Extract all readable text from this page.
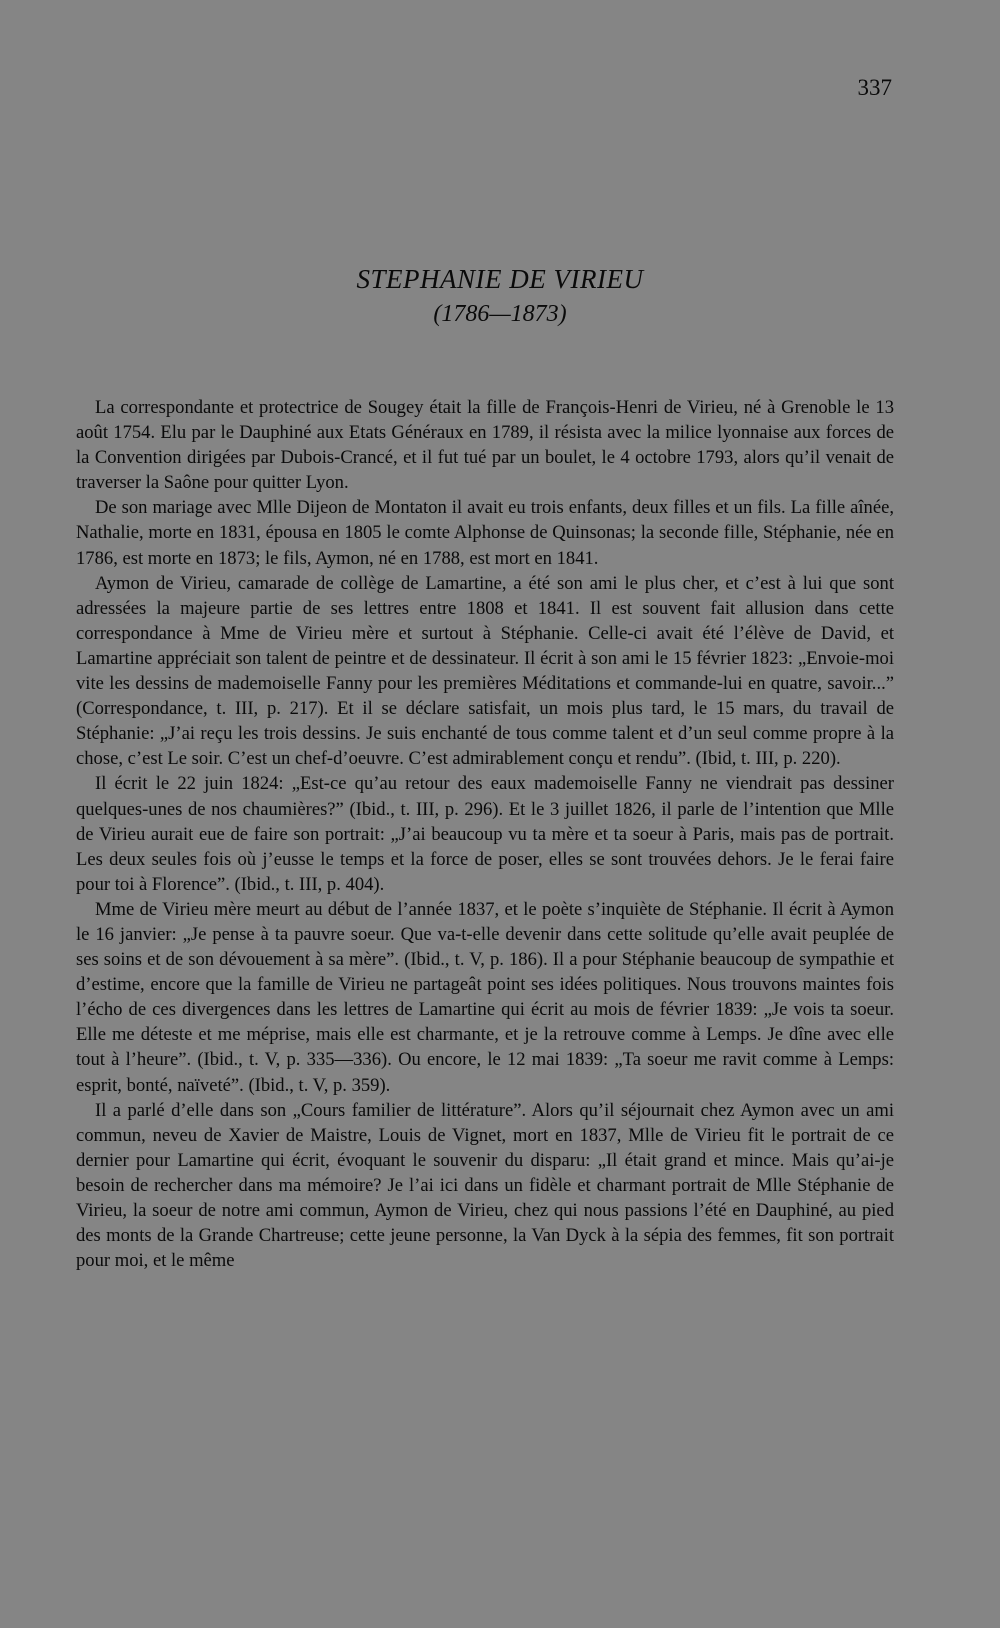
337
STEPHANIE DE VIRIEU
(1786—1873)

La correspondante et protectrice de Sougey était la fille de François-Henri de Virieu, né à Grenoble le 13 août 1754. Elu par le Dauphiné aux Etats Généraux en 1789, il résista avec la milice lyonnaise aux forces de la Convention dirigées par Dubois-Crancé, et il fut tué par un boulet, le 4 octobre 1793, alors qu’il venait de traverser la Saône pour quitter Lyon.

De son mariage avec Mlle Dijeon de Montaton il avait eu trois enfants, deux filles et un fils. La fille aînée, Nathalie, morte en 1831, épousa en 1805 le comte Alphonse de Quinsonas; la seconde fille, Stéphanie, née en 1786, est morte en 1873; le fils, Aymon, né en 1788, est mort en 1841.

Aymon de Virieu, camarade de collège de Lamartine, a été son ami le plus cher, et c’est à lui que sont adressées la majeure partie de ses lettres entre 1808 et 1841. Il est souvent fait allusion dans cette correspondance à Mme de Virieu mère et surtout à Stéphanie. Celle-ci avait été l’élève de David, et Lamartine appréciait son talent de peintre et de dessinateur. Il écrit à son ami le 15 février 1823: „Envoie-moi vite les dessins de mademoiselle Fanny pour les premières Méditations et commande-lui en quatre, savoir...” (Correspondance, t. III, p. 217). Et il se déclare satisfait, un mois plus tard, le 15 mars, du travail de Stéphanie: „J’ai reçu les trois dessins. Je suis enchanté de tous comme talent et d’un seul comme propre à la chose, c’est Le soir. C’est un chef-d’oeuvre. C’est admirablement conçu et rendu”. (Ibid, t. III, p. 220).

Il écrit le 22 juin 1824: „Est-ce qu’au retour des eaux mademoiselle Fanny ne viendrait pas dessiner quelques-unes de nos chaumières?” (Ibid., t. III, p. 296). Et le 3 juillet 1826, il parle de l’intention que Mlle de Virieu aurait eue de faire son portrait: „J’ai beaucoup vu ta mère et ta soeur à Paris, mais pas de portrait. Les deux seules fois où j’eusse le temps et la force de poser, elles se sont trouvées dehors. Je le ferai faire pour toi à Florence”. (Ibid., t. III, p. 404).

Mme de Virieu mère meurt au début de l’année 1837, et le poète s’inquiète de Stéphanie. Il écrit à Aymon le 16 janvier: „Je pense à ta pauvre soeur. Que va-t-elle devenir dans cette solitude qu’elle avait peuplée de ses soins et de son dévouement à sa mère”. (Ibid., t. V, p. 186). Il a pour Stéphanie beaucoup de sympathie et d’estime, encore que la famille de Virieu ne partageât point ses idées politiques. Nous trouvons maintes fois l’écho de ces divergences dans les lettres de Lamartine qui écrit au mois de février 1839: „Je vois ta soeur. Elle me déteste et me méprise, mais elle est charmante, et je la retrouve comme à Lemps. Je dîne avec elle tout à l’heure”. (Ibid., t. V, p. 335—336). Ou encore, le 12 mai 1839: „Ta soeur me ravit comme à Lemps: esprit, bonté, naïveté”. (Ibid., t. V, p. 359).

Il a parlé d’elle dans son „Cours familier de littérature”. Alors qu’il séjournait chez Aymon avec un ami commun, neveu de Xavier de Maistre, Louis de Vignet, mort en 1837, Mlle de Virieu fit le portrait de ce dernier pour Lamartine qui écrit, évoquant le souvenir du disparu: „Il était grand et mince. Mais qu’ai-je besoin de rechercher dans ma mémoire? Je l’ai ici dans un fidèle et charmant portrait de Mlle Stéphanie de Virieu, la soeur de notre ami commun, Aymon de Virieu, chez qui nous passions l’été en Dauphiné, au pied des monts de la Grande Chartreuse; cette jeune personne, la Van Dyck à la sépia des femmes, fit son portrait pour moi, et le même
